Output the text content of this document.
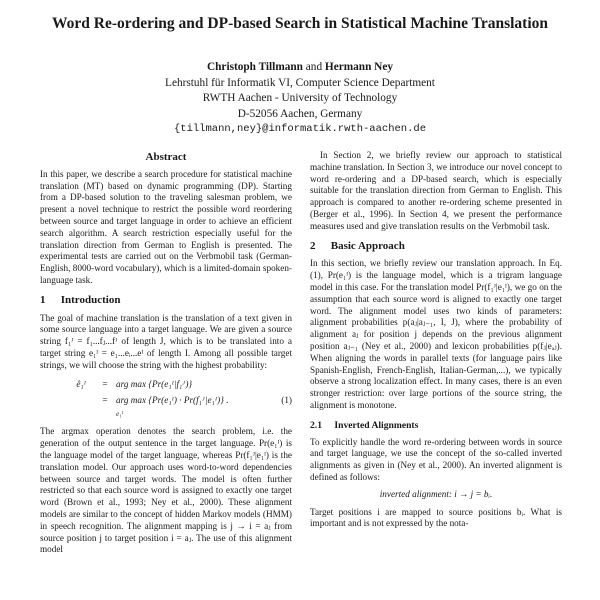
Word Re-ordering and DP-based Search in Statistical Machine Translation
Christoph Tillmann and Hermann Ney
Lehrstuhl für Informatik VI, Computer Science Department
RWTH Aachen - University of Technology
D-52056 Aachen, Germany
{tillmann,ney}@informatik.rwth-aachen.de
Abstract

In this paper, we describe a search procedure for statistical machine translation (MT) based on dynamic programming (DP). Starting from a DP-based solution to the traveling salesman problem, we present a novel technique to restrict the possible word reordering between source and target language in order to achieve an efficient search algorithm. A search restriction especially useful for the translation direction from German to English is presented. The experimental tests are carried out on the Verbmobil task (German-English, 8000-word vocabulary), which is a limited-domain spoken-language task.

1 Introduction

The goal of machine translation is the translation of a text given in some source language into a target language. We are given a source string f₁ᴶ = f₁...fⱼ...fᴶ of length J, which is to be translated into a target string e₁ᴵ = e₁...eᵢ...eᴵ of length I. Among all possible target strings, we will choose the string with the highest probability:

ê₁ᴵ	= arg max {Pr(e₁ᴵ|f₁ᴶ)}
= arg max {Pr(e₁ᴵ) · Pr(f₁ᴶ|e₁ᴵ)} .	(1)
e₁ᴵ

The argmax operation denotes the search problem, i.e. the generation of the output sentence in the target language. Pr(e₁ᴵ) is the language model of the target language, whereas Pr(f₁ᴶ|e₁ᴵ) is the translation model. Our approach uses word-to-word dependencies between source and target words. The model is often further restricted so that each source word is assigned to exactly one target word (Brown et al., 1993; Ney et al., 2000). These alignment models are similar to the concept of hidden Markov models (HMM) in speech recognition. The alignment mapping is j → i = aⱼ from source position j to target position i = aⱼ. The use of this alignment model

In Section 2, we briefly review our approach to statistical machine translation. In Section 3, we introduce our novel concept to word re-ordering and a DP-based search, which is especially suitable for the translation direction from German to English. This approach is compared to another re-ordering scheme presented in (Berger et al., 1996). In Section 4, we present the performance measures used and give translation results on the Verbmobil task.

2 Basic Approach

In this section, we briefly review our translation approach. In Eq. (1), Pr(e₁ᴵ) is the language model, which is a trigram language model in this case. For the translation model Pr(f₁ᴶ|e₁ᴵ), we go on the assumption that each source word is aligned to exactly one target word. The alignment model uses two kinds of parameters: alignment probabilities p(aⱼ|aⱼ₋₁, I, J), where the probability of alignment aⱼ for position j depends on the previous alignment position aⱼ₋₁ (Ney et al., 2000) and lexicon probabilities p(fⱼ|eₐⱼ). When aligning the words in parallel texts (for language pairs like Spanish-English, French-English, Italian-German,...), we typically observe a strong localization effect. In many cases, there is an even stronger restriction: over large portions of the source string, the alignment is monotone.

2.1 Inverted Alignments

To explicitly handle the word re-ordering between words in source and target language, we use the concept of the so-called inverted alignments as given in (Ney et al., 2000). An inverted alignment is defined as follows:

inverted alignment: i → j = bᵢ.

Target positions i are mapped to source positions bᵢ. What is important and is not expressed by the nota-
